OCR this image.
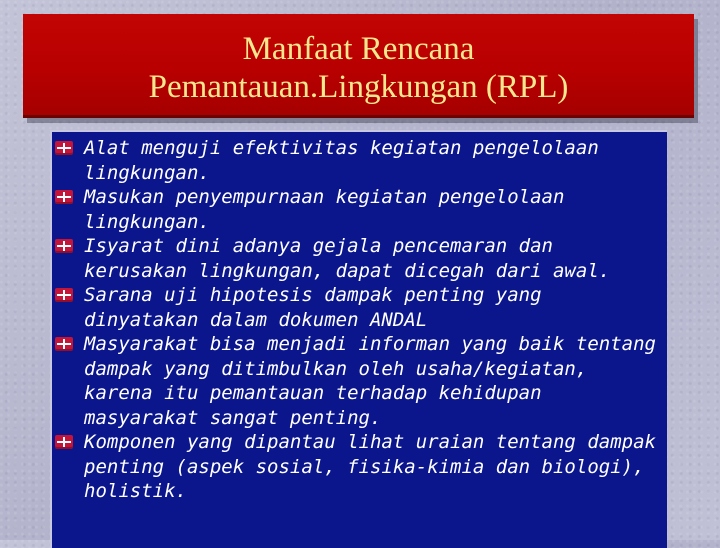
Manfaat Rencana
Pemantauan.Lingkungan (RPL)
Alat menguji efektivitas kegiatan pengelolaan lingkungan.
Masukan penyempurnaan kegiatan pengelolaan lingkungan.
Isyarat dini adanya gejala pencemaran dan kerusakan lingkungan, dapat dicegah dari awal.
Sarana uji hipotesis dampak penting yang dinyatakan dalam dokumen ANDAL
Masyarakat bisa menjadi informan yang baik tentang dampak yang ditimbulkan oleh usaha/kegiatan, karena itu pemantauan terhadap kehidupan masyarakat sangat penting.
Komponen yang dipantau lihat uraian tentang dampak penting (aspek sosial, fisika-kimia dan biologi), holistik.
